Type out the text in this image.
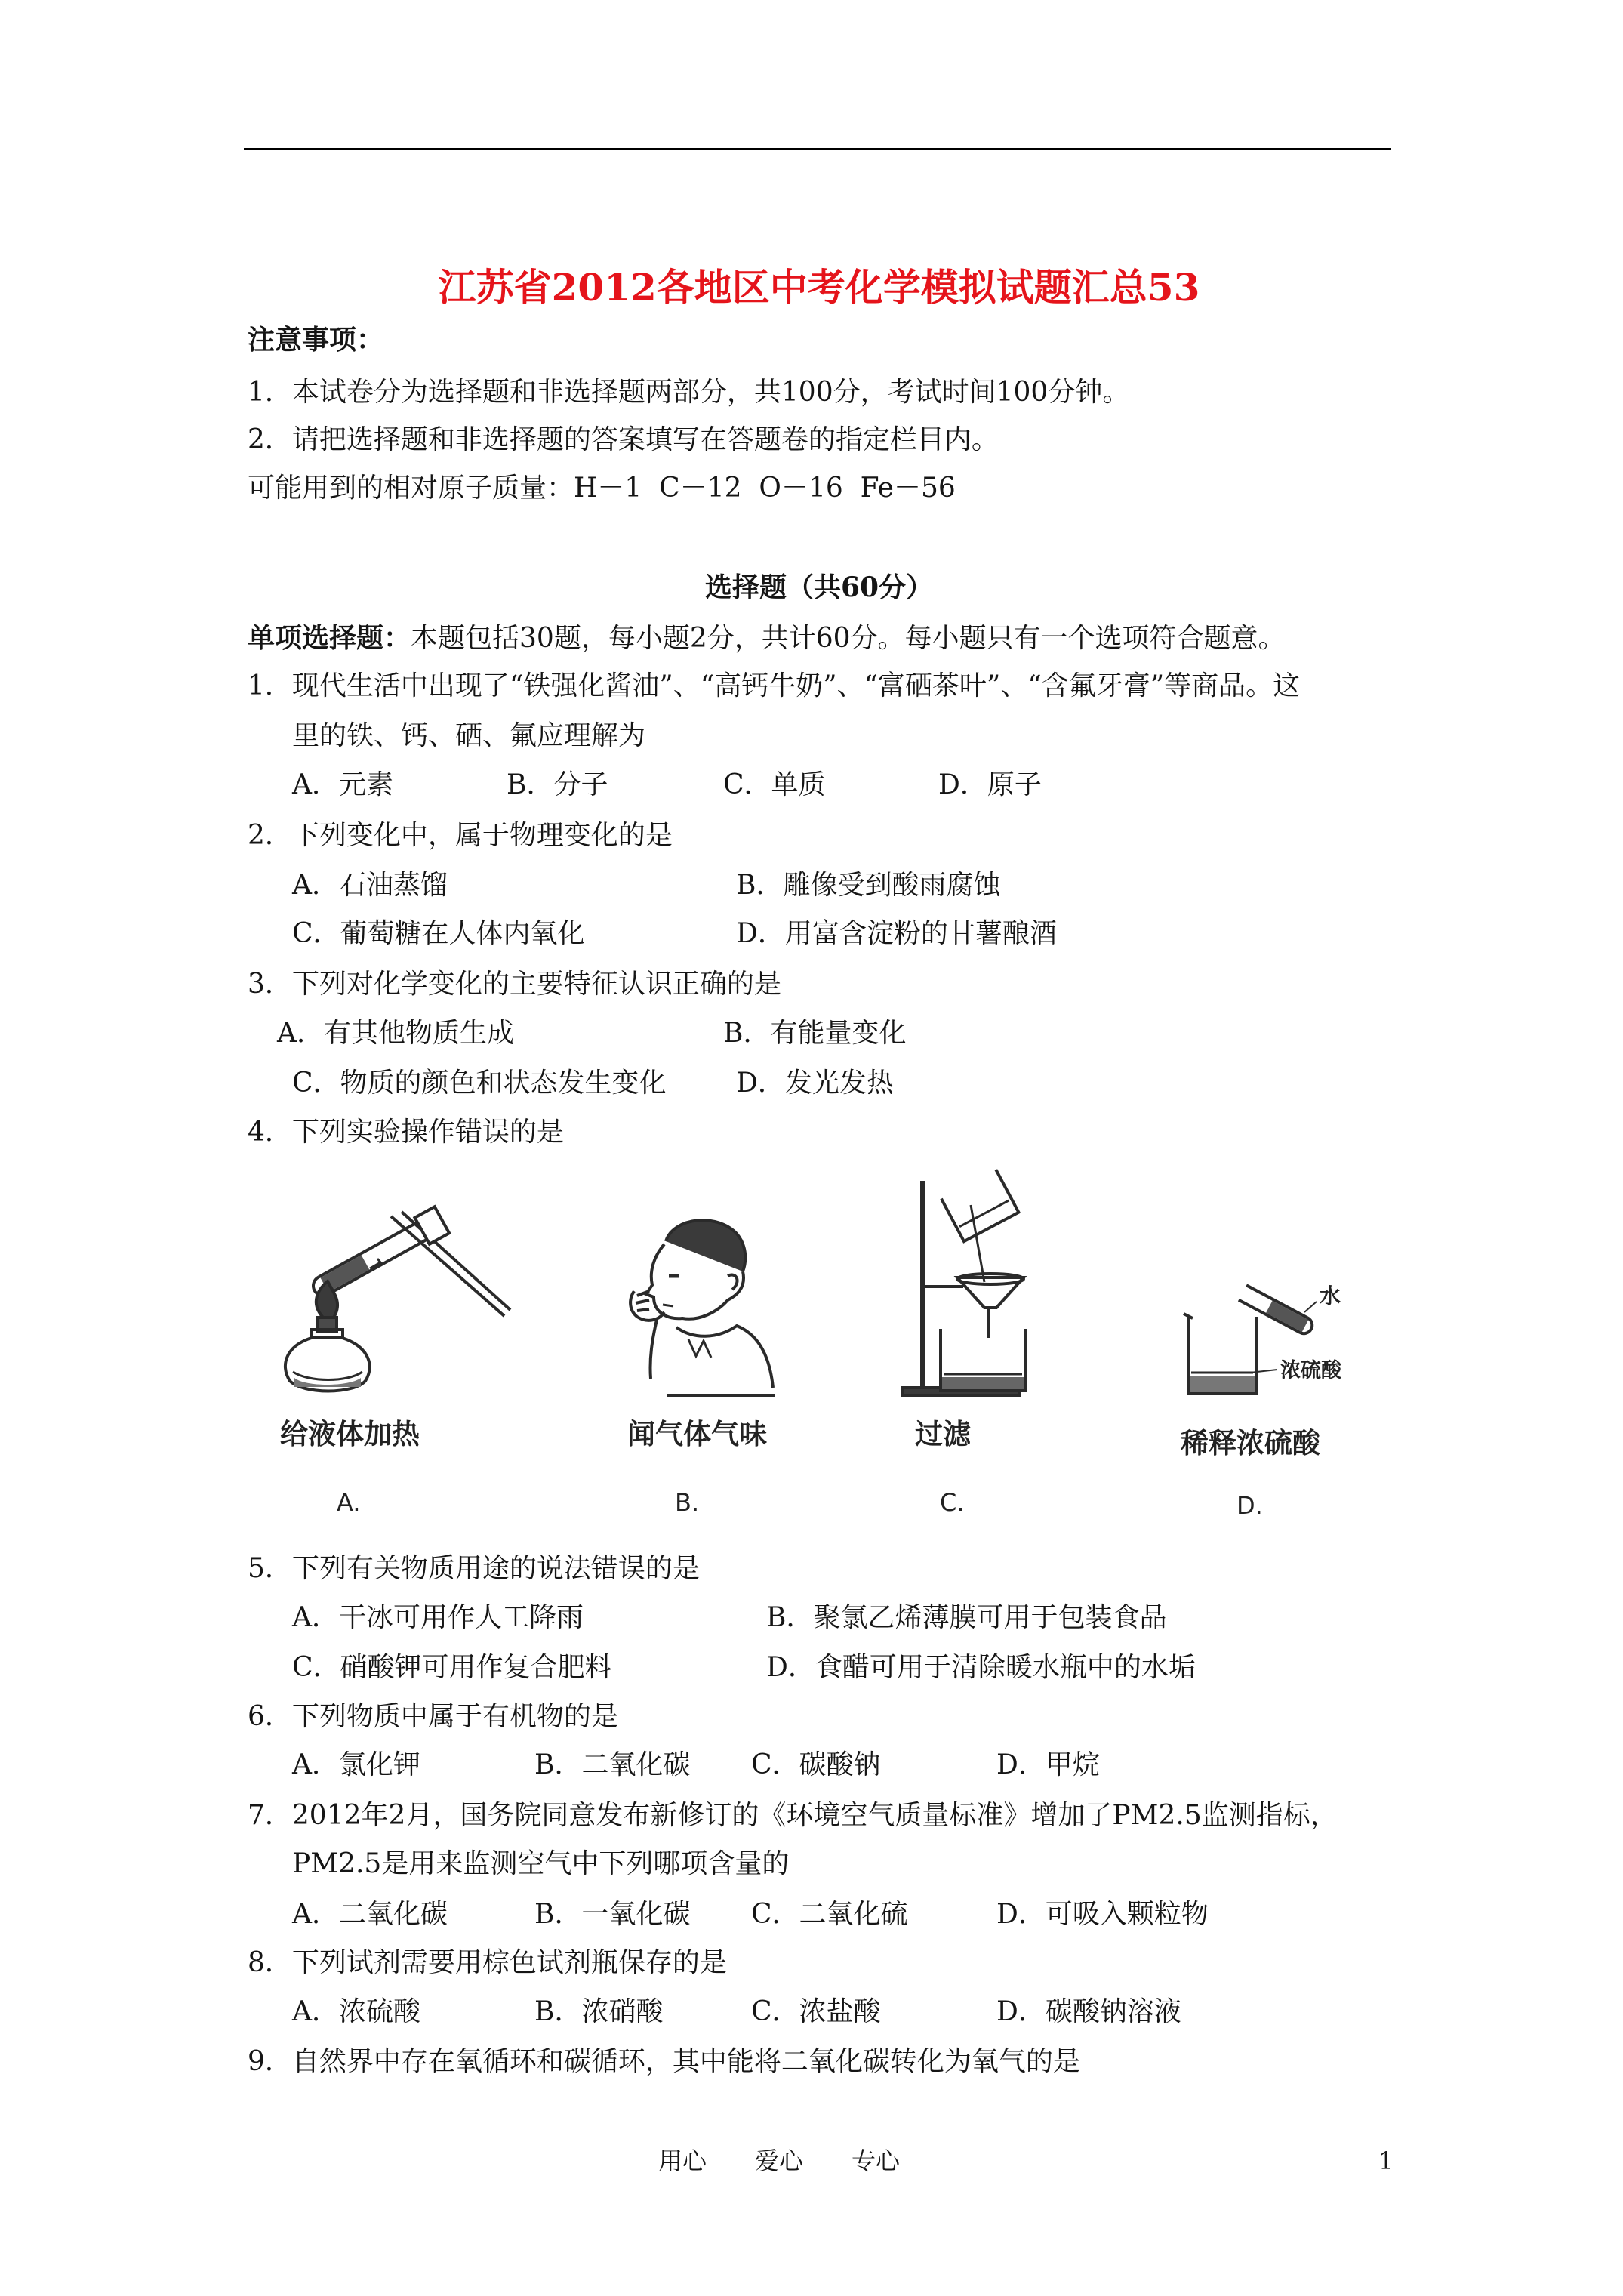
江苏省2012各地区中考化学模拟试题汇总53
注意事项：
1．本试卷分为选择题和非选择题两部分，共100分，考试时间100分钟。
2．请把选择题和非选择题的答案填写在答题卷的指定栏目内。
可能用到的相对原子质量：H－1  C－12  O－16  Fe－56
选择题（共60分）
单项选择题：本题包括30题，每小题2分，共计60分。每小题只有一个选项符合题意。
1．现代生活中出现了“铁强化酱油”、“高钙牛奶”、“富硒茶叶”、“含氟牙膏”等商品。这
里的铁、钙、硒、氟应理解为
A．元素	B．分子	C．单质	D．原子
2．下列变化中，属于物理变化的是
A．石油蒸馏	B．雕像受到酸雨腐蚀
C．葡萄糖在人体内氧化	D．用富含淀粉的甘薯酿酒
3．下列对化学变化的主要特征认识正确的是
A．有其他物质生成	B．有能量变化
C．物质的颜色和状态发生变化	D．发光发热
4．下列实验操作错误的是
给液体加热
A.
闻气体气味
B.
过滤
C.
水
浓硫酸
稀释浓硫酸
D.
5．下列有关物质用途的说法错误的是
A．干冰可用作人工降雨	B．聚氯乙烯薄膜可用于包装食品
C．硝酸钾可用作复合肥料	D．食醋可用于清除暖水瓶中的水垢
6．下列物质中属于有机物的是
A．氯化钾	B．二氧化碳 C．碳酸钠	D．甲烷
7．2012年2月，国务院同意发布新修订的《环境空气质量标准》增加了PM2.5监测指标，
PM2.5是用来监测空气中下列哪项含量的
A．二氧化碳	B．一氧化碳 C．二氧化硫	D．可吸入颗粒物
8．下列试剂需要用棕色试剂瓶保存的是
A．浓硫酸	B．浓硝酸	C．浓盐酸	D．碳酸钠溶液
9．自然界中存在氧循环和碳循环，其中能将二氧化碳转化为氧气的是
用心　　爱心　　专心	1
